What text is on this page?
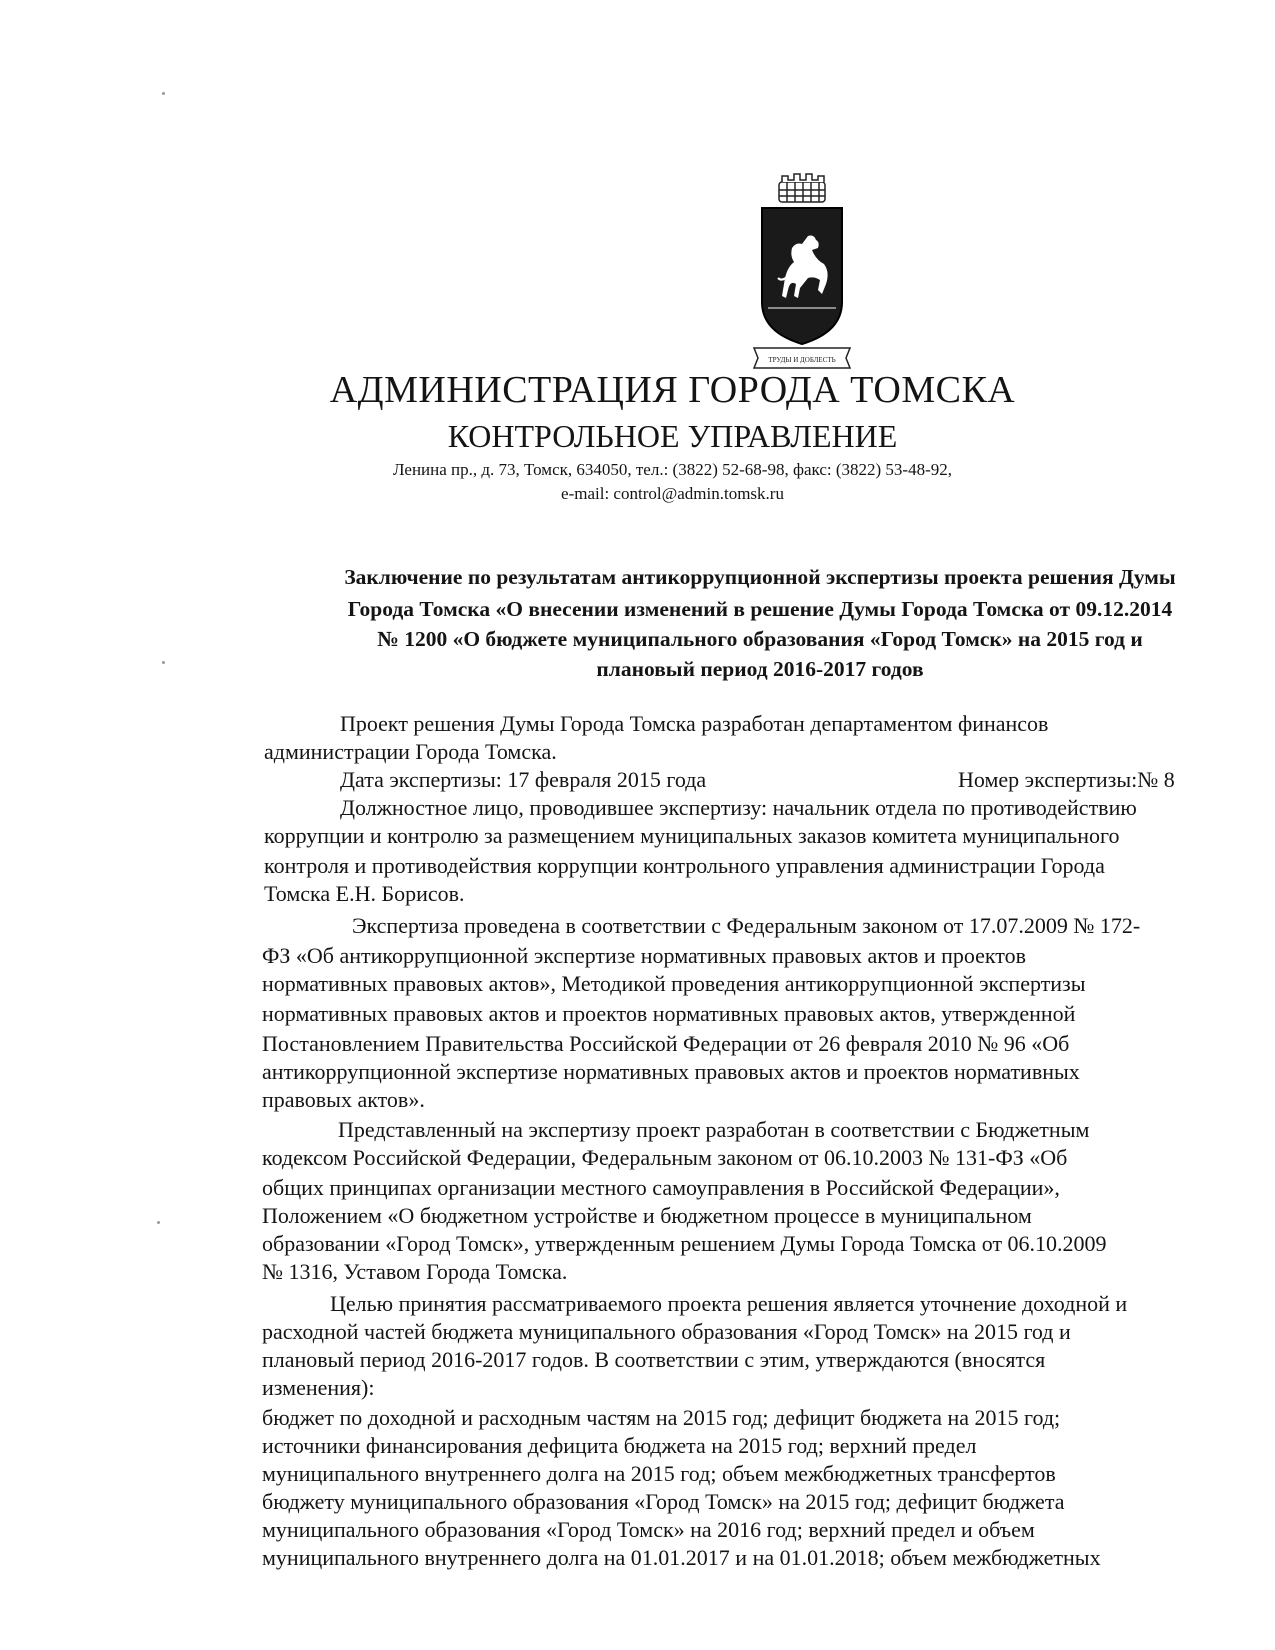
ТРУДЫ И ДОБЛЕСТЬ
АДМИНИСТРАЦИЯ ГОРОДА ТОМСКА
КОНТРОЛЬНОЕ УПРАВЛЕНИЕ
Ленина пр., д. 73, Томск, 634050, тел.: (3822) 52-68-98, факс: (3822) 53-48-92,
e-mail: control@admin.tomsk.ru
Заключение по результатам антикоррупционной экспертизы проекта решения Думы
Города Томска «О внесении изменений в решение Думы Города Томска от 09.12.2014
№ 1200 «О бюджете муниципального образования «Город Томск» на 2015 год и
плановый период 2016-2017 годов
Проект решения Думы Города Томска разработан департаментом финансов
администрации Города Томска.
Дата экспертизы: 17 февраля 2015 года	Номер экспертизы:№ 8
Должностное лицо, проводившее экспертизу: начальник отдела по противодействию
коррупции и контролю за размещением муниципальных заказов комитета муниципального
контроля и противодействия коррупции контрольного управления администрации Города
Томска Е.Н. Борисов.
Экспертиза проведена в соответствии с Федеральным законом от 17.07.2009 № 172-
ФЗ «Об антикоррупционной экспертизе нормативных правовых актов и проектов
нормативных правовых актов», Методикой проведения антикоррупционной экспертизы
нормативных правовых актов и проектов нормативных правовых актов, утвержденной
Постановлением Правительства Российской Федерации от 26 февраля 2010 № 96 «Об
антикоррупционной экспертизе нормативных правовых актов и проектов нормативных
правовых актов».
Представленный на экспертизу проект разработан в соответствии с Бюджетным
кодексом Российской Федерации, Федеральным законом от 06.10.2003 № 131-ФЗ «Об
общих принципах организации местного самоуправления в Российской Федерации»,
Положением «О бюджетном устройстве и бюджетном процессе в муниципальном
образовании «Город Томск», утвержденным решением Думы Города Томска от 06.10.2009
№ 1316, Уставом Города Томска.
Целью принятия рассматриваемого проекта решения является уточнение доходной и
расходной частей бюджета муниципального образования «Город Томск» на 2015 год и
плановый период 2016-2017 годов. В соответствии с этим, утверждаются (вносятся
изменения):
бюджет по доходной и расходным частям на 2015 год; дефицит бюджета на 2015 год;
источники финансирования дефицита бюджета на 2015 год; верхний предел
муниципального внутреннего долга на 2015 год; объем межбюджетных трансфертов
бюджету муниципального образования «Город Томск» на 2015 год; дефицит бюджета
муниципального образования «Город Томск» на 2016 год; верхний предел и объем
муниципального внутреннего долга на 01.01.2017 и на 01.01.2018; объем межбюджетных
